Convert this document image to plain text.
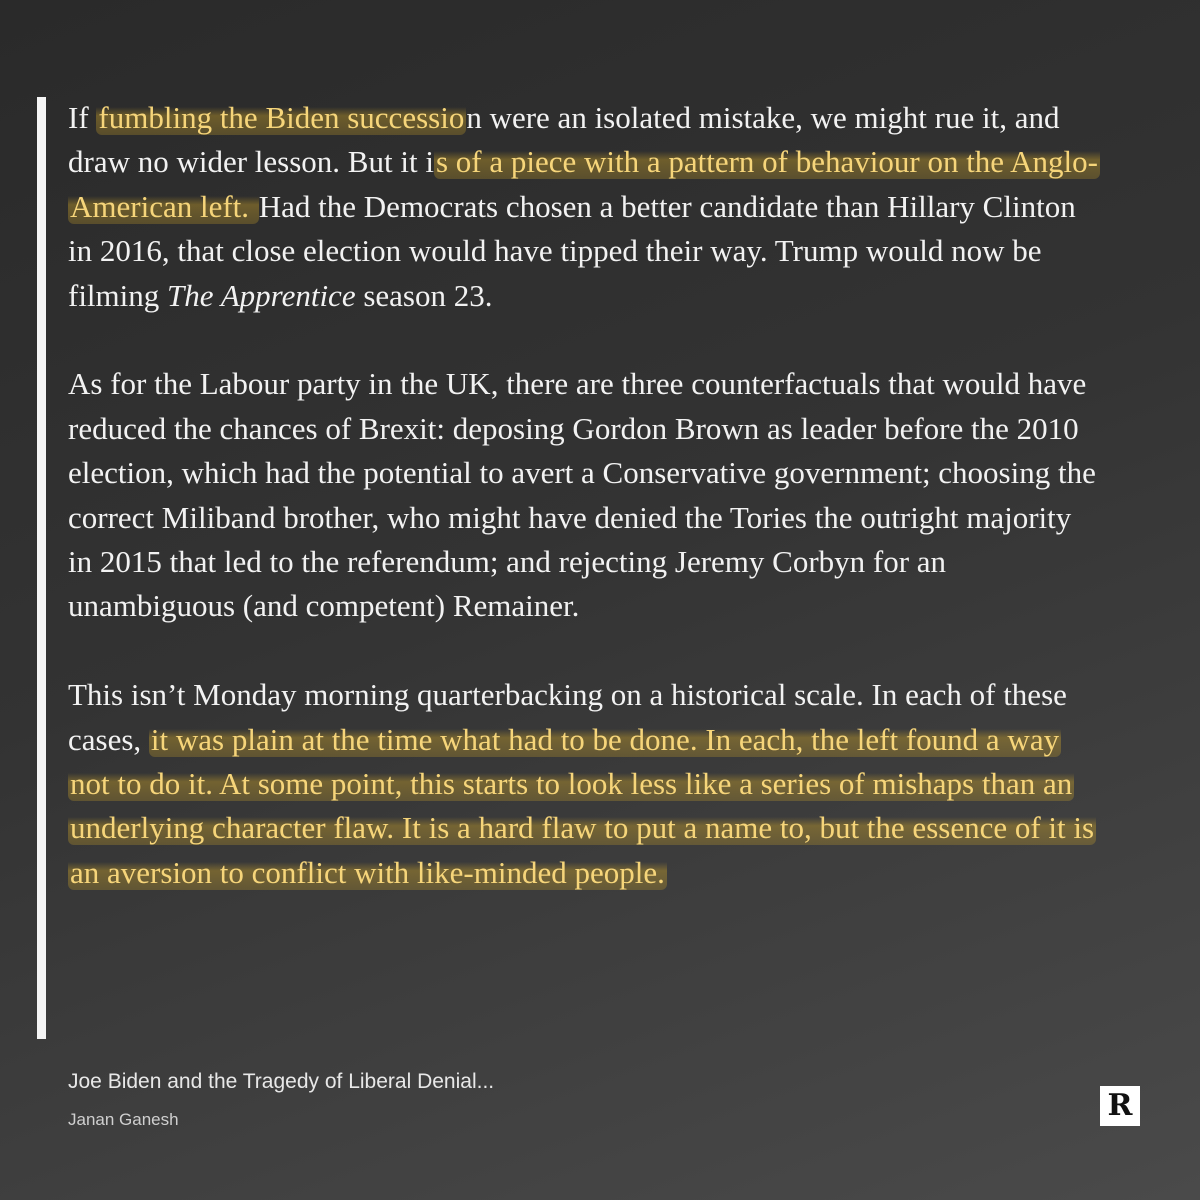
If fumbling the Biden succession were an isolated mistake, we might rue it, and draw no wider lesson. But it is of a piece with a pattern of behaviour on the Anglo-American left. Had the Democrats chosen a better candidate than Hillary Clinton in 2016, that close election would have tipped their way. Trump would now be filming The Apprentice season 23.

As for the Labour party in the UK, there are three counterfactuals that would have reduced the chances of Brexit: deposing Gordon Brown as leader before the 2010 election, which had the potential to avert a Conservative government; choosing the correct Miliband brother, who might have denied the Tories the outright majority in 2015 that led to the referendum; and rejecting Jeremy Corbyn for an unambiguous (and competent) Remainer.

This isn’t Monday morning quarterbacking on a historical scale. In each of these cases, it was plain at the time what had to be done. In each, the left found a way not to do it. At some point, this starts to look less like a series of mishaps than an underlying character flaw. It is a hard flaw to put a name to, but the essence of it is an aversion to conflict with like-minded people.

Joe Biden and the Tragedy of Liberal Denial...
Janan Ganesh	R
